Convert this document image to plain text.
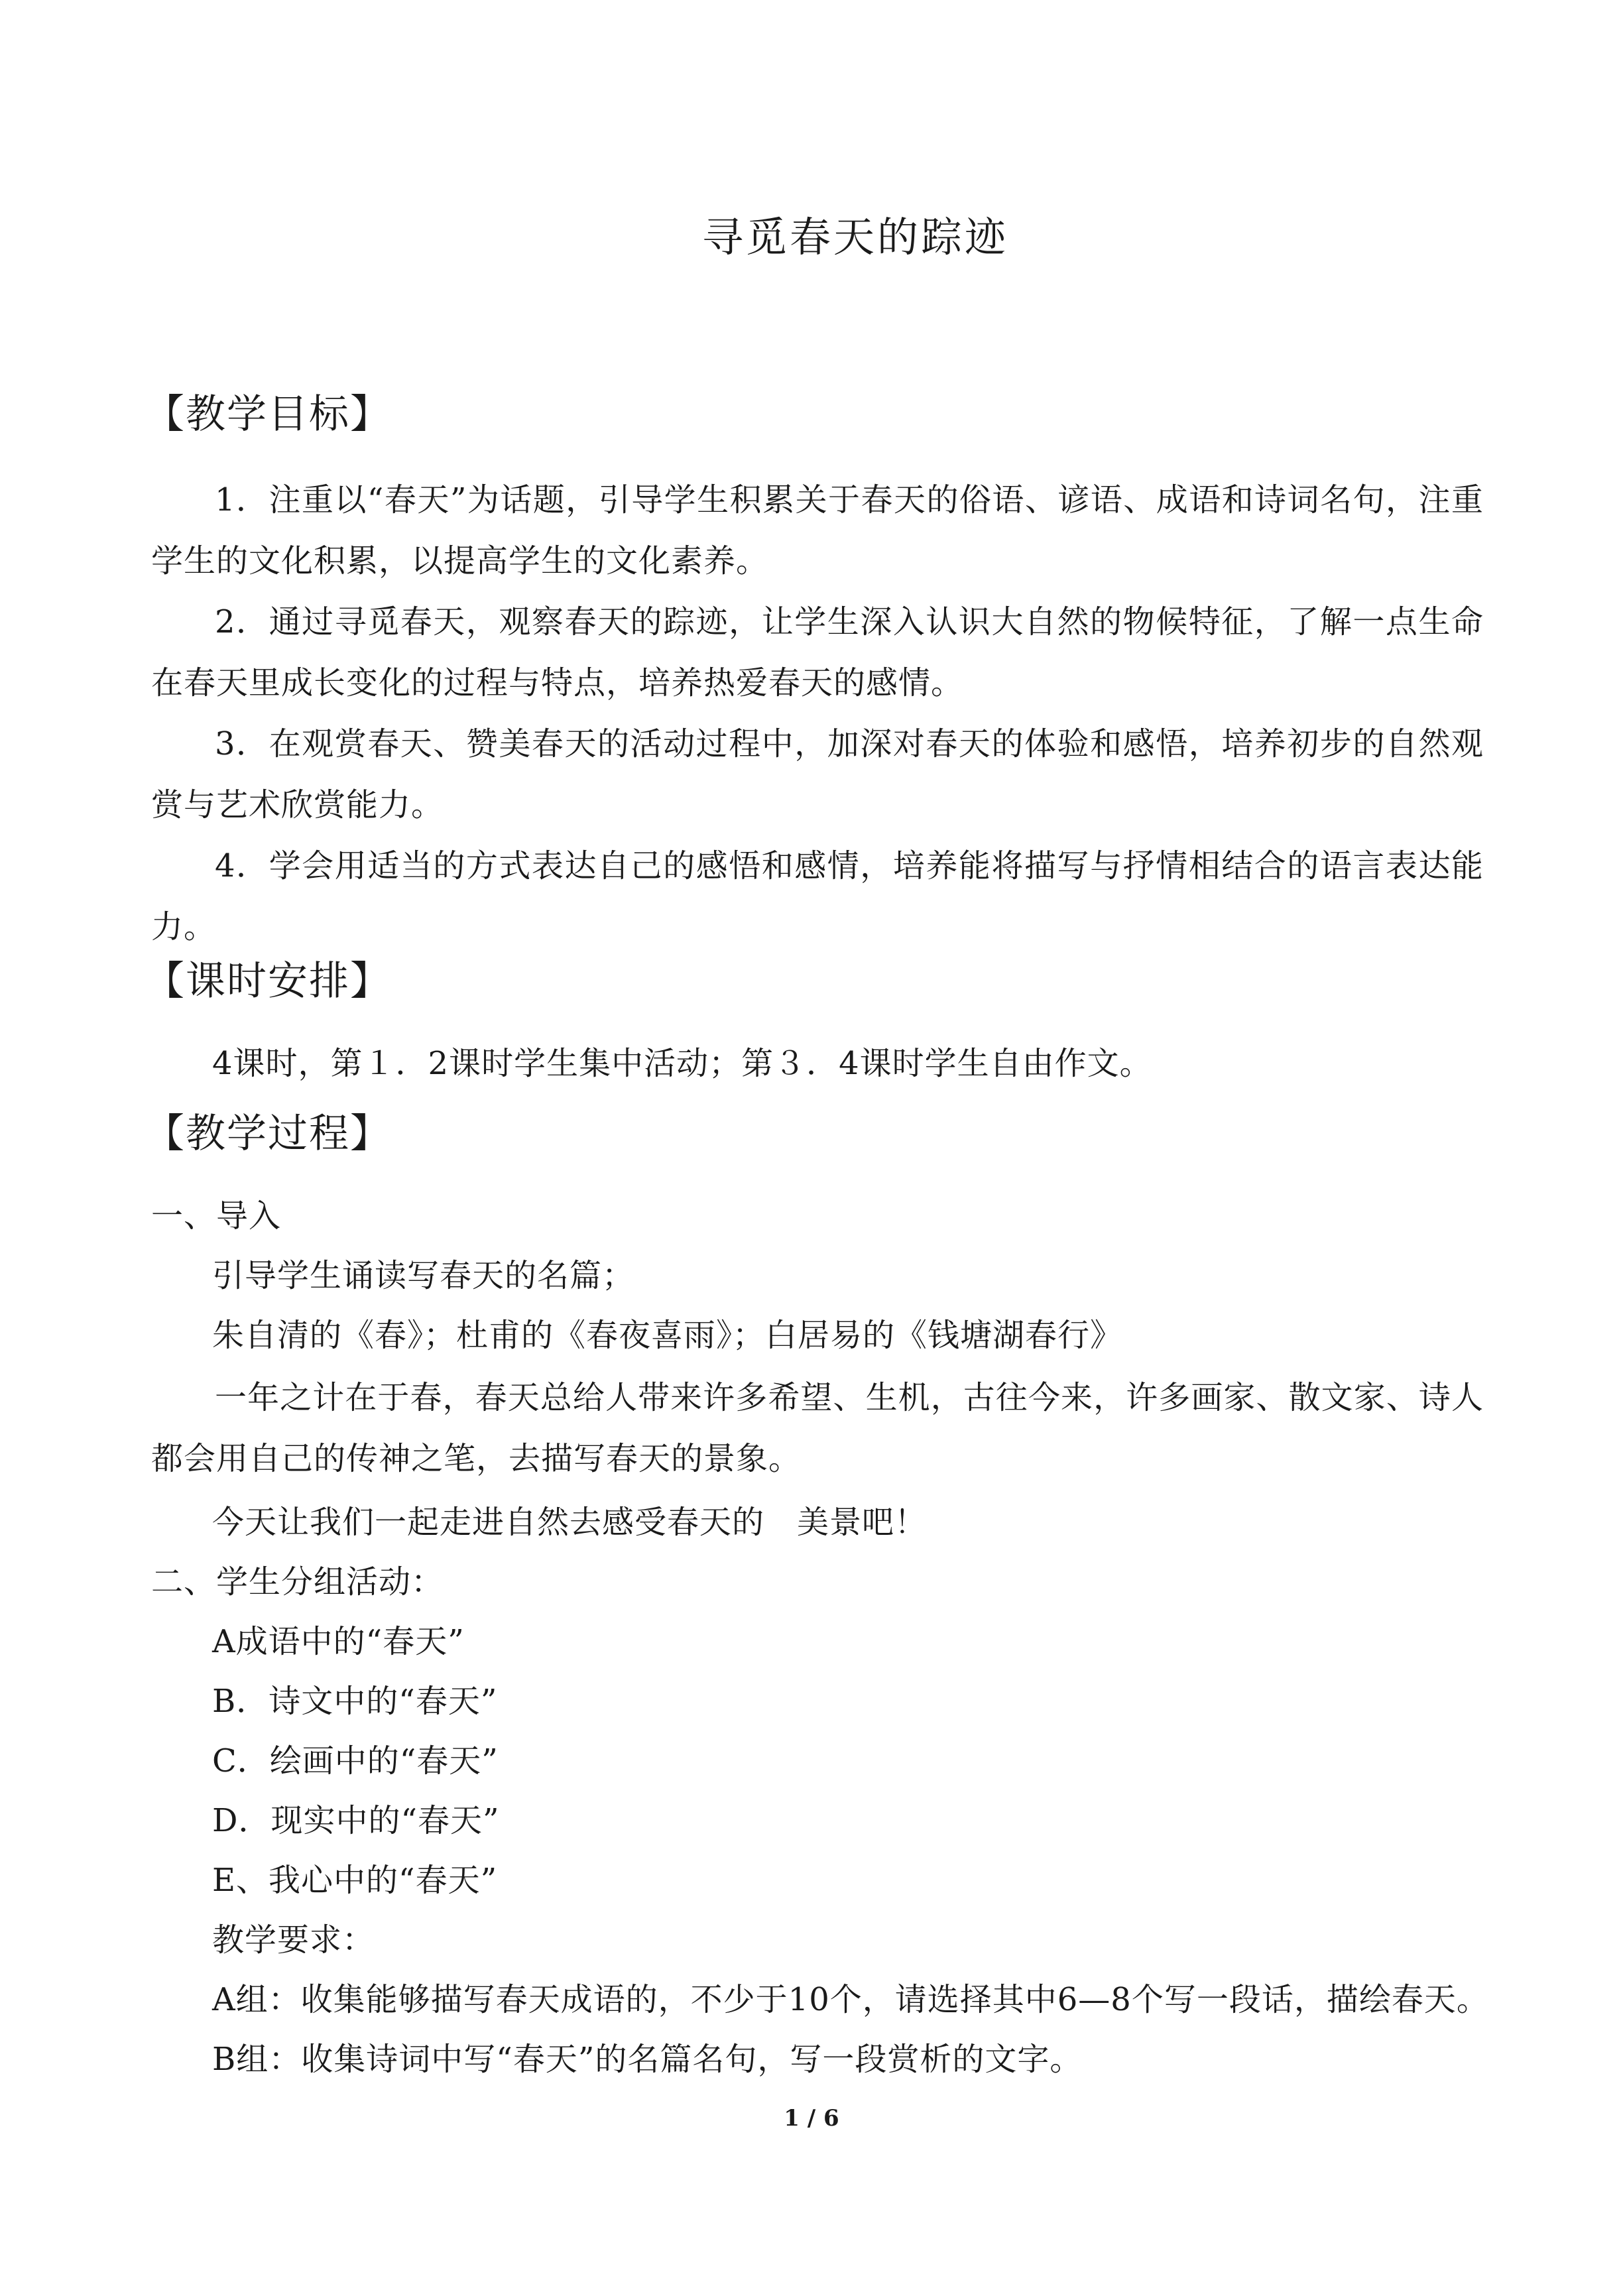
寻觅春天的踪迹
【教学目标】
1．注重以“春天”为话题，引导学生积累关于春天的俗语、谚语、成语和诗词名句，注重学生的文化积累，以提高学生的文化素养。
2．通过寻觅春天，观察春天的踪迹，让学生深入认识大自然的物候特征，了解一点生命在春天里成长变化的过程与特点，培养热爱春天的感情。
3．在观赏春天、赞美春天的活动过程中，加深对春天的体验和感悟，培养初步的自然观赏与艺术欣赏能力。
4．学会用适当的方式表达自己的感悟和感情，培养能将描写与抒情相结合的语言表达能力。
【课时安排】
4课时，第１．2课时学生集中活动；第３．4课时学生自由作文。
【教学过程】
一、导入
引导学生诵读写春天的名篇；
朱自清的《春》；杜甫的《春夜喜雨》；白居易的《钱塘湖春行》
一年之计在于春，春天总给人带来许多希望、生机，古往今来，许多画家、散文家、诗人都会用自己的传神之笔，去描写春天的景象。
今天让我们一起走进自然去感受春天的　美景吧！
二、学生分组活动：
A成语中的“春天”
B．诗文中的“春天”
C．绘画中的“春天”
D．现实中的“春天”
E、我心中的“春天”
教学要求：
A组：收集能够描写春天成语的，不少于10个，请选择其中6—8个写一段话，描绘春天。
B组：收集诗词中写“春天”的名篇名句，写一段赏析的文字。
1 / 6
